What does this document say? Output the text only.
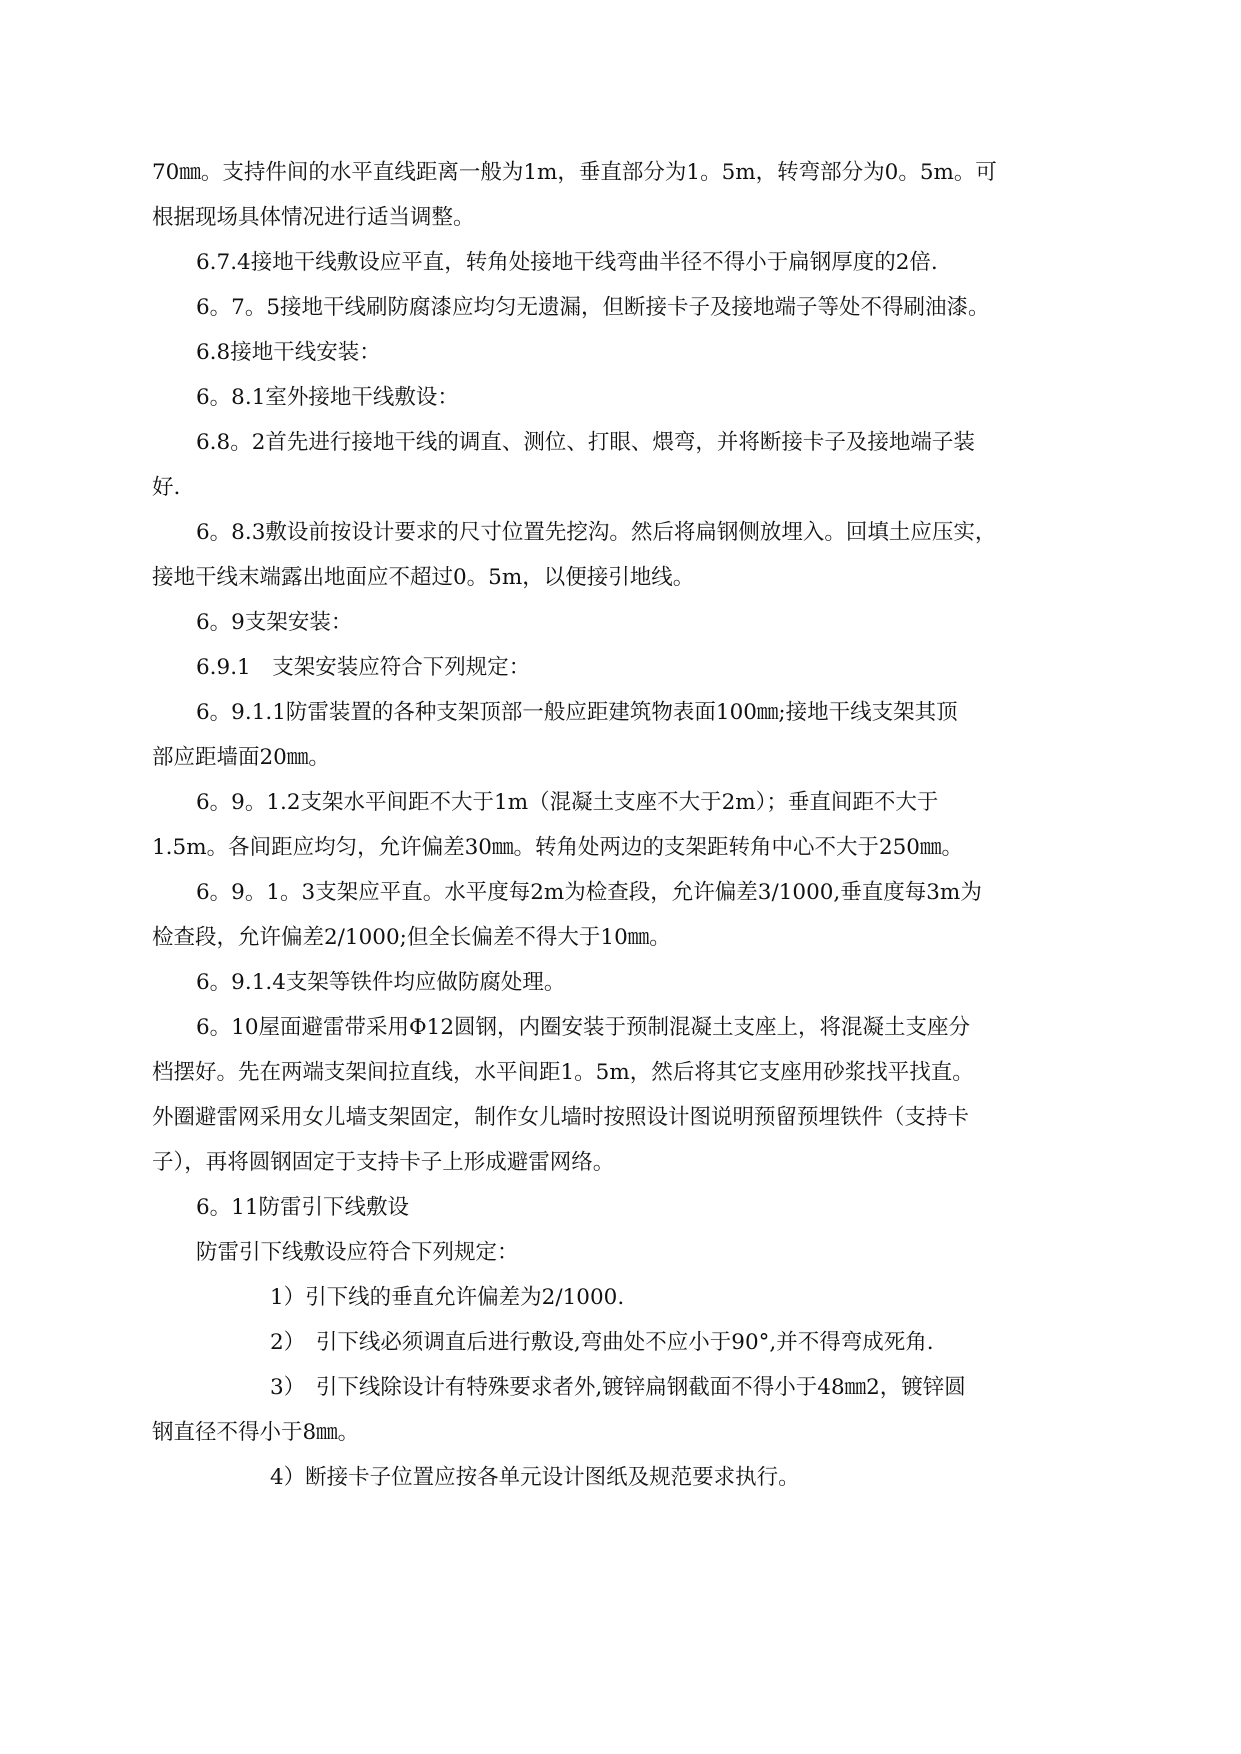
70㎜。支持件间的水平直线距离一般为1m，垂直部分为1。5m，转弯部分为0。5m。可

根据现场具体情况进行适当调整。

6.7.4接地干线敷设应平直，转角处接地干线弯曲半径不得小于扁钢厚度的2倍.

6。7。5接地干线刷防腐漆应均匀无遗漏，但断接卡子及接地端子等处不得刷油漆。

6.8接地干线安装：

6。8.1室外接地干线敷设：

6.8。2首先进行接地干线的调直、测位、打眼、煨弯，并将断接卡子及接地端子装

好.

6。8.3敷设前按设计要求的尺寸位置先挖沟。然后将扁钢侧放埋入。回填土应压实，

接地干线末端露出地面应不超过0。5m，以便接引地线。

6。9支架安装：

6.9.1　支架安装应符合下列规定：

6。9.1.1防雷装置的各种支架顶部一般应距建筑物表面100㎜;接地干线支架其顶

部应距墙面20㎜。

6。9。1.2支架水平间距不大于1m（混凝土支座不大于2m）；垂直间距不大于

1.5m。各间距应均匀，允许偏差30㎜。转角处两边的支架距转角中心不大于250㎜。

6。9。1。3支架应平直。水平度每2m为检查段，允许偏差3/1000,垂直度每3m为

检查段，允许偏差2/1000;但全长偏差不得大于10㎜。

6。9.1.4支架等铁件均应做防腐处理。

6。10屋面避雷带采用Φ12圆钢，内圈安装于预制混凝土支座上，将混凝土支座分

档摆好。先在两端支架间拉直线，水平间距1。5m，然后将其它支座用砂浆找平找直。

外圈避雷网采用女儿墙支架固定，制作女儿墙时按照设计图说明预留预埋铁件（支持卡

子），再将圆钢固定于支持卡子上形成避雷网络。

6。11防雷引下线敷设

防雷引下线敷设应符合下列规定：

1）引下线的垂直允许偏差为2/1000.

2）　引下线必须调直后进行敷设,弯曲处不应小于90°,并不得弯成死角.

3）　引下线除设计有特殊要求者外,镀锌扁钢截面不得小于48㎜2，镀锌圆

钢直径不得小于8㎜。

4）断接卡子位置应按各单元设计图纸及规范要求执行。
